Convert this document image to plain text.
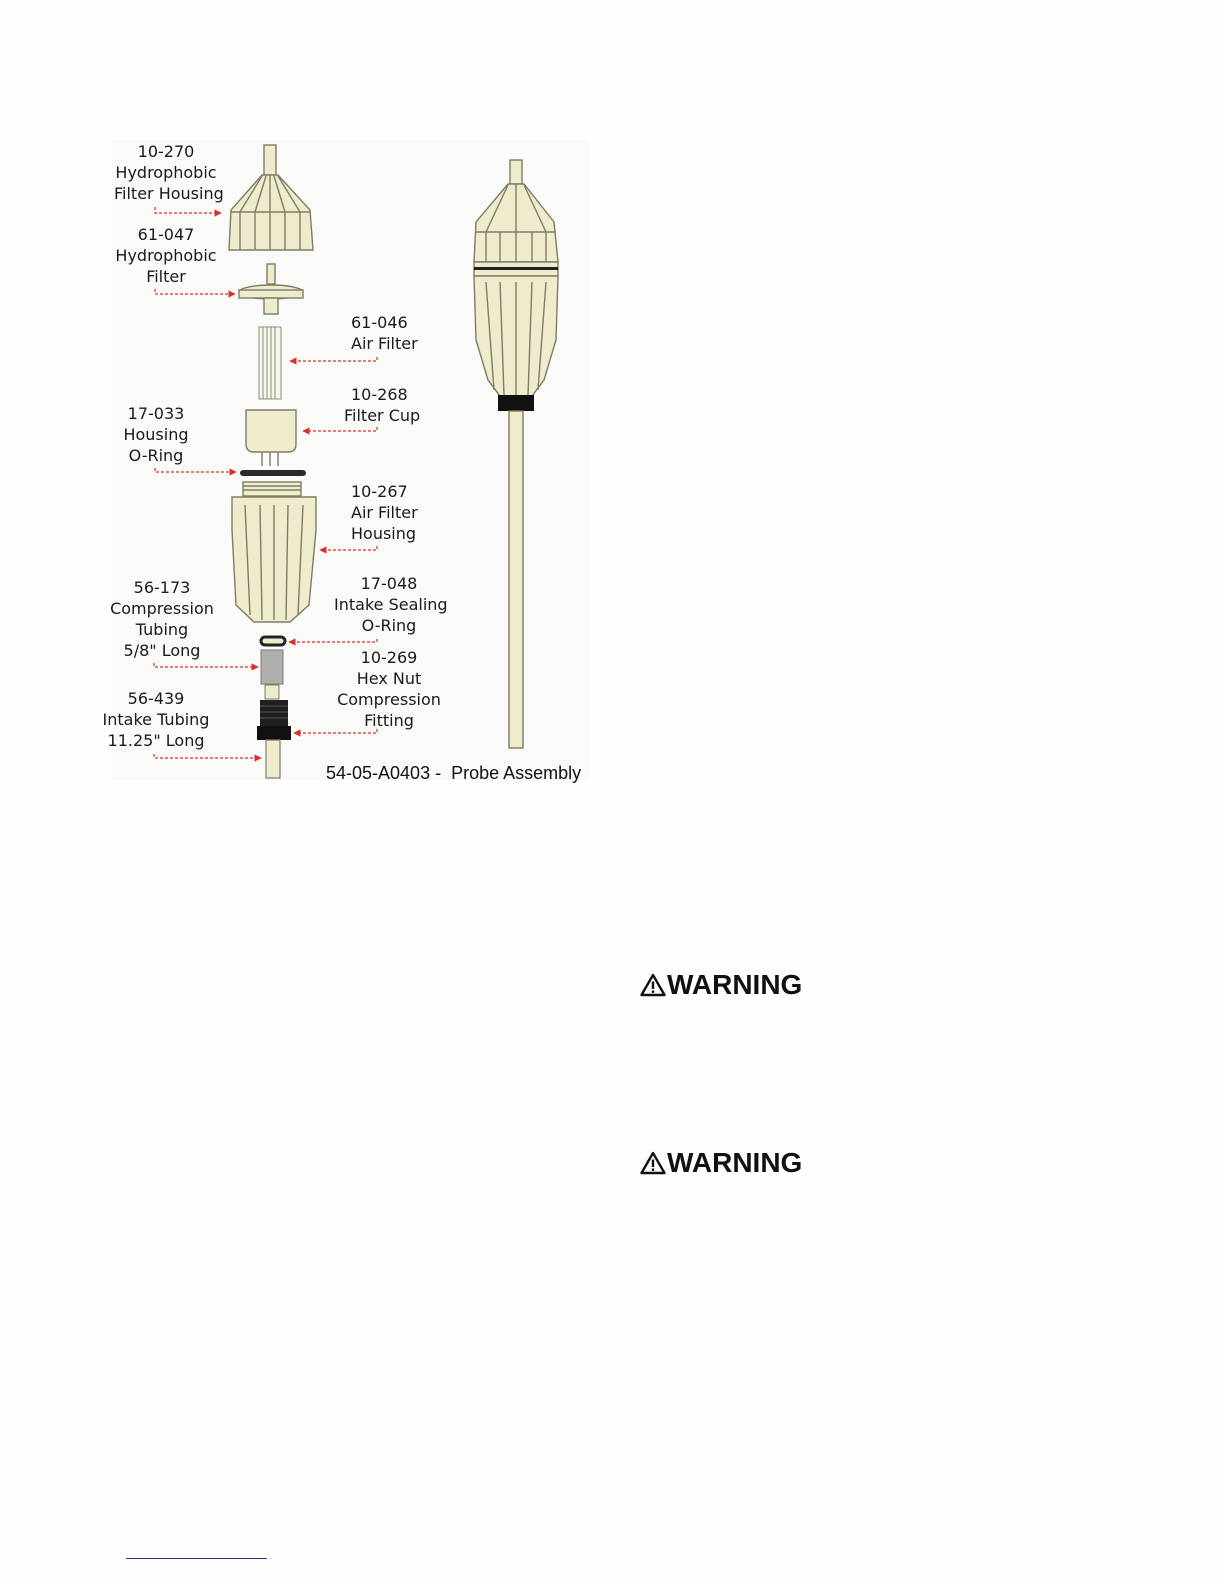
10-270
Hydrophobic
Filter Housing
61-047
Hydrophobic
Filter
61-046
Air Filter
10-268
Filter Cup
17-033
Housing
O-Ring
10-267
Air Filter
Housing
56-173
Compression
Tubing
5/8" Long
17-048
Intake Sealing
O-Ring
10-269
Hex Nut
Compression
Fitting
56-439
Intake Tubing
11.25" Long
54-05-A0403 -  Probe Assembly
WARNING
WARNING
